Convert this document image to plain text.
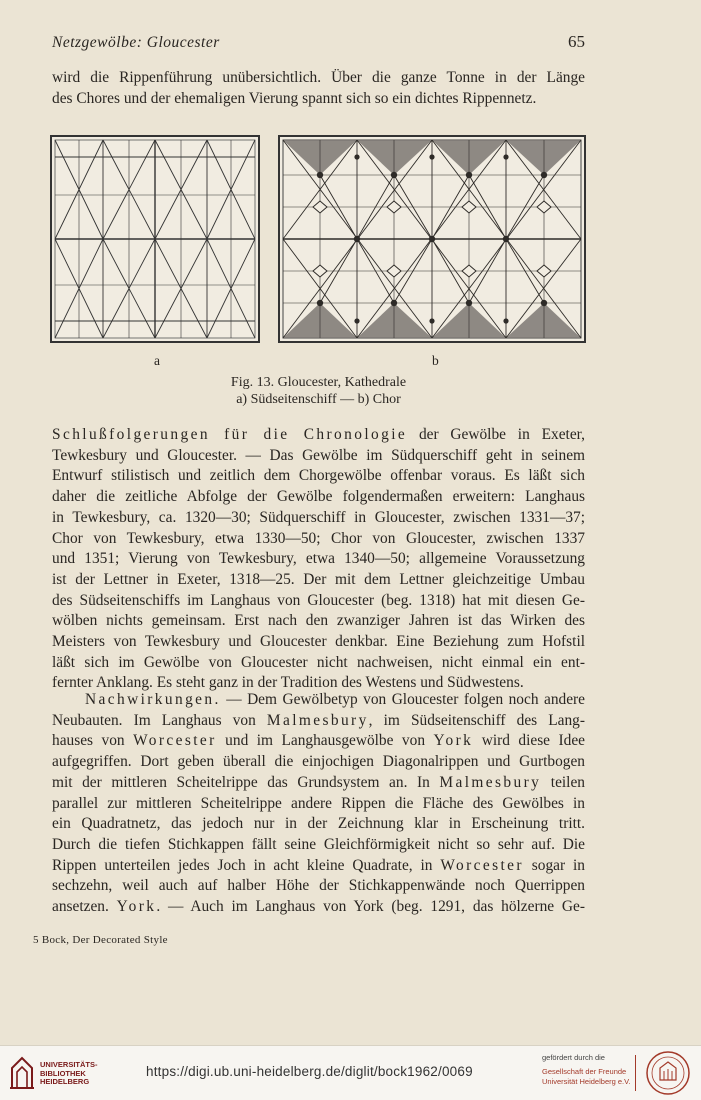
Netzgewölbe: Gloucester	65

wird die Rippenführung unübersichtlich. Über die ganze Tonne in der Länge
des Chores und der ehemaligen Vierung spannt sich so ein dichtes Rippennetz.

a	b
Fig. 13. Gloucester, Kathedrale
a) Südseitenschiff — b) Chor

Schlußfolgerungen für die Chronologie der Gewölbe in Exeter,
Tewkesbury und Gloucester. — Das Gewölbe im Südquerschiff geht in seinem
Entwurf stilistisch und zeitlich dem Chorgewölbe offenbar voraus. Es läßt sich
daher die zeitliche Abfolge der Gewölbe folgendermaßen erweitern: Langhaus
in Tewkesbury, ca. 1320—30; Südquerschiff in Gloucester, zwischen 1331—37;
Chor von Tewkesbury, etwa 1330—50; Chor von Gloucester, zwischen 1337
und 1351; Vierung von Tewkesbury, etwa 1340—50; allgemeine Voraussetzung
ist der Lettner in Exeter, 1318—25. Der mit dem Lettner gleichzeitige Umbau
des Südseitenschiffs im Langhaus von Gloucester (beg. 1318) hat mit diesen Ge-
wölben nichts gemeinsam. Erst nach den zwanziger Jahren ist das Wirken des
Meisters von Tewkesbury und Gloucester denkbar. Eine Beziehung zum Hofstil
läßt sich im Gewölbe von Gloucester nicht nachweisen, nicht einmal ein ent-
fernter Anklang. Es steht ganz in der Tradition des Westens und Südwestens.

Nachwirkungen. — Dem Gewölbetyp von Gloucester folgen noch andere
Neubauten. Im Langhaus von Malmesbury, im Südseitenschiff des Lang-
hauses von Worcester und im Langhausgewölbe von York wird diese Idee
aufgegriffen. Dort geben überall die einjochigen Diagonalrippen und Gurtbogen
mit der mittleren Scheitelrippe das Grundsystem an. In Malmesbury teilen
parallel zur mittleren Scheitelrippe andere Rippen die Fläche des Gewölbes in
ein Quadratnetz, das jedoch nur in der Zeichnung klar in Erscheinung tritt.
Durch die tiefen Stichkappen fällt seine Gleichförmigkeit nicht so sehr auf. Die
Rippen unterteilen jedes Joch in acht kleine Quadrate, in Worcester sogar in
sechzehn, weil auch auf halber Höhe der Stichkappenwände noch Querrippen
ansetzen. York. — Auch im Langhaus von York (beg. 1291, das hölzerne Ge-

5 Bock, Der Decorated Style
UNIVERSITÄTS-
BIBLIOTHEK
HEIDELBERG
https://digi.ub.uni-heidelberg.de/diglit/bock1962/0069
gefördert durch die
Gesellschaft der Freunde
Universität Heidelberg e.V.
